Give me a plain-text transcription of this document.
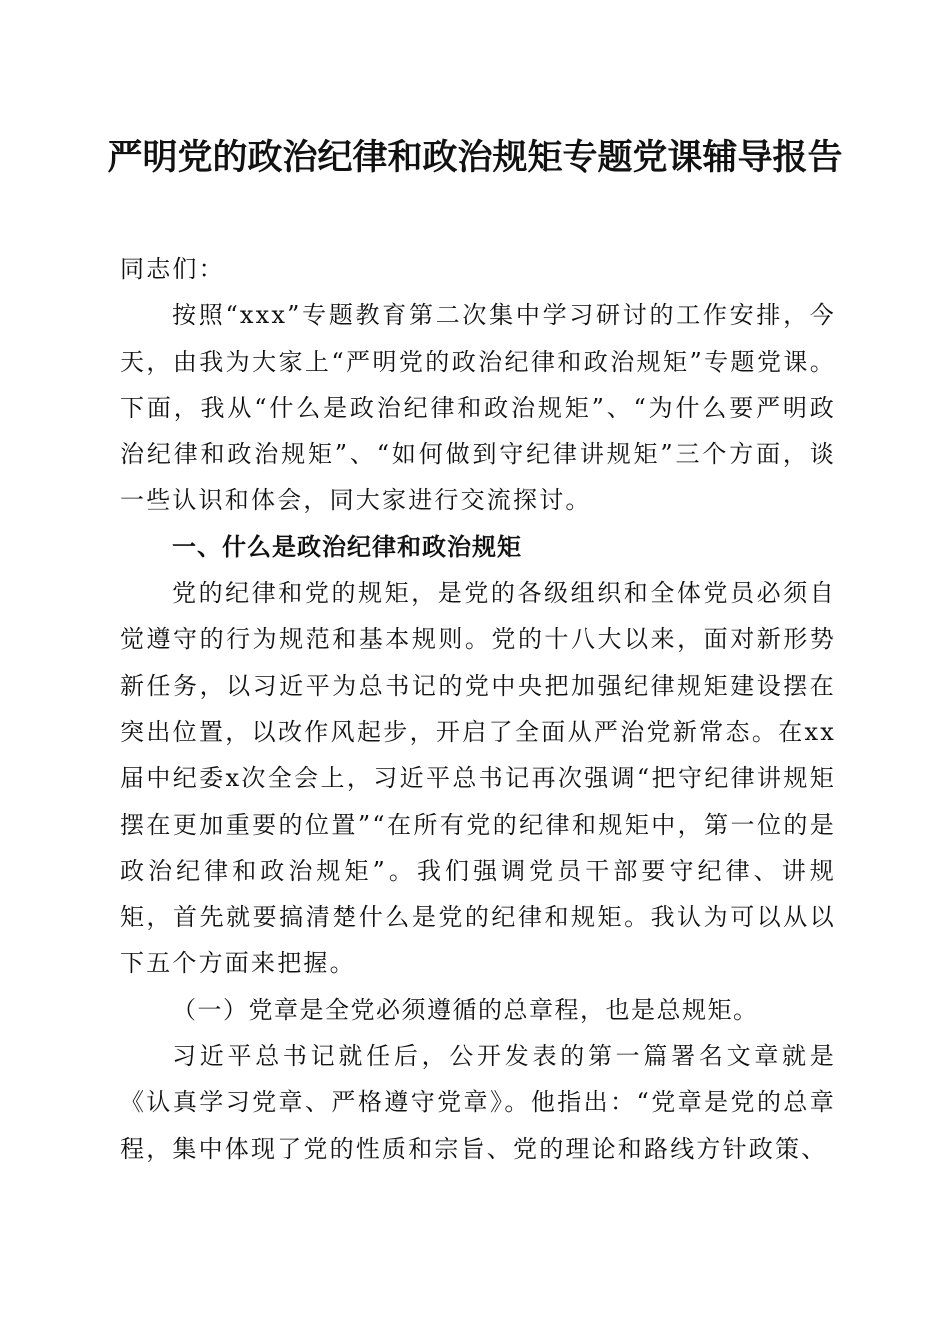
严明党的政治纪律和政治规矩专题党课辅导报告

同志们：

按照“xxx”专题教育第二次集中学习研讨的工作安排，今天，由我为大家上“严明党的政治纪律和政治规矩”专题党课。下面，我从“什么是政治纪律和政治规矩”、“为什么要严明政治纪律和政治规矩”、“如何做到守纪律讲规矩”三个方面，谈一些认识和体会，同大家进行交流探讨。

一、什么是政治纪律和政治规矩

党的纪律和党的规矩，是党的各级组织和全体党员必须自觉遵守的行为规范和基本规则。党的十八大以来，面对新形势新任务，以习近平为总书记的党中央把加强纪律规矩建设摆在突出位置，以改作风起步，开启了全面从严治党新常态。在xx届中纪委x次全会上，习近平总书记再次强调“把守纪律讲规矩摆在更加重要的位置”“在所有党的纪律和规矩中，第一位的是政治纪律和政治规矩”。我们强调党员干部要守纪律、讲规矩，首先就要搞清楚什么是党的纪律和规矩。我认为可以从以下五个方面来把握。

（一）党章是全党必须遵循的总章程，也是总规矩。

习近平总书记就任后，公开发表的第一篇署名文章就是《认真学习党章、严格遵守党章》。他指出：“党章是党的总章程，集中体现了党的性质和宗旨、党的理论和路线方针政策、
